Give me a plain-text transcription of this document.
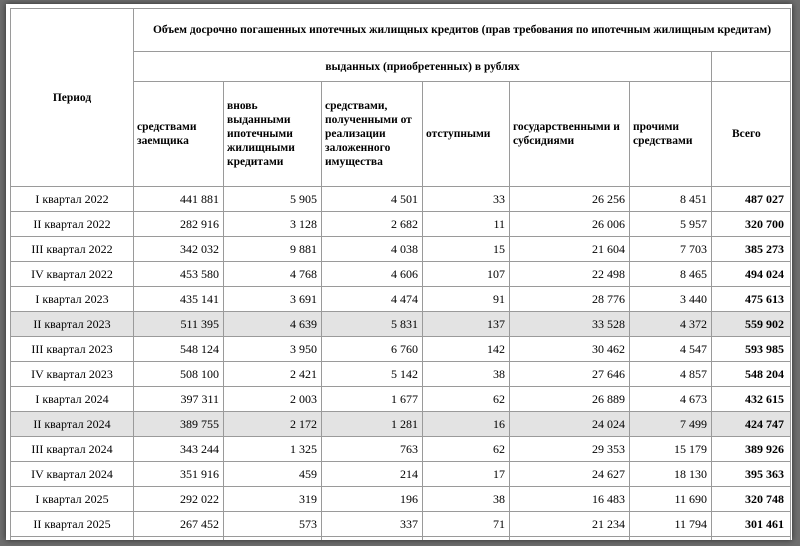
Период	Объем досрочно погашенных ипотечных жилищных кредитов (прав требования по ипотечным жилищным кредитам)						
	выданных (приобретенных) в рублях						
	средствами заемщика	вновь выданными ипотечными жилищными кредитами	средствами, полученными от реализации заложенного имущества	отступными	государственными и субсидиями	прочими средствами	Всего
I квартал 2022	441 881	5 905	4 501	33	26 256	8 451	487 027
II квартал 2022	282 916	3 128	2 682	11	26 006	5 957	320 700
III квартал 2022	342 032	9 881	4 038	15	21 604	7 703	385 273
IV квартал 2022	453 580	4 768	4 606	107	22 498	8 465	494 024
I квартал 2023	435 141	3 691	4 474	91	28 776	3 440	475 613
II квартал 2023	511 395	4 639	5 831	137	33 528	4 372	559 902
III квартал 2023	548 124	3 950	6 760	142	30 462	4 547	593 985
IV квартал 2023	508 100	2 421	5 142	38	27 646	4 857	548 204
I квартал 2024	397 311	2 003	1 677	62	26 889	4 673	432 615
II квартал 2024	389 755	2 172	1 281	16	24 024	7 499	424 747
III квартал 2024	343 244	1 325	763	62	29 353	15 179	389 926
IV квартал 2024	351 916	459	214	17	24 627	18 130	395 363
I квартал 2025	292 022	319	196	38	16 483	11 690	320 748
II квартал 2025	267 452	573	337	71	21 234	11 794	301 461
